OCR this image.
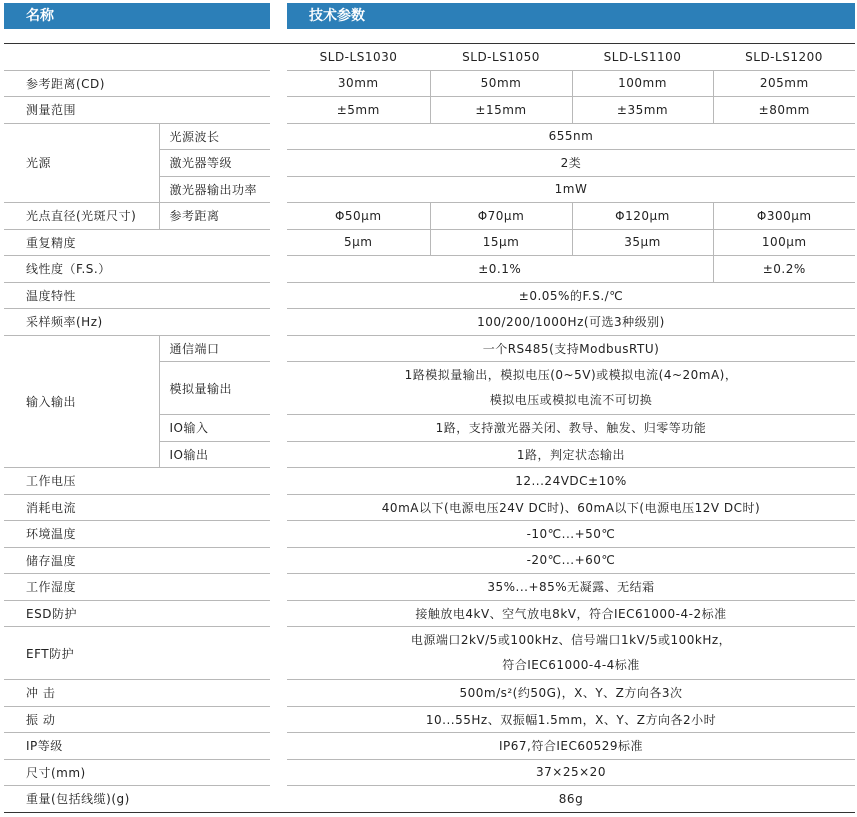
名称	技术参数
			SLD-LS1030	SLD-LS1050	SLD-LS1100	SLD-LS1200
参考距离(CD)			30mm	50mm	100mm	205mm
测量范围			±5mm	±15mm	±35mm	±80mm
光源	光源波长		655nm			
	激光器等级		2类			
	激光器输出功率		1mW			
光点直径(光斑尺寸)	参考距离		Φ50μm	Φ70μm	Φ120μm	Φ300μm
重复精度			5μm	15μm	35μm	100μm
线性度（F.S.）			±0.1%			±0.2%
温度特性			±0.05%的F.S./℃			
采样频率(Hz)			100/200/1000Hz(可选3种级别)			
输入输出	通信端口		一个RS485(支持ModbusRTU)			
	模拟量输出		1路模拟量输出，模拟电压(0~5V)或模拟电流(4~20mA)，
模拟电压或模拟电流不可切换			

	IO输入		1路，支持激光器关闭、教导、触发、归零等功能			
	IO输出		1路，判定状态输出			
工作电压			12...24VDC±10%			
消耗电流			40mA以下(电源电压24V DC时)、60mA以下(电源电压12V DC时)			
环境温度			-10℃...+50℃			
储存温度			-20℃...+60℃			
工作湿度			35%...+85%无凝露、无结霜			
ESD防护			接触放电4kV、空气放电8kV，符合IEC61000-4-2标准			
EFT防护			电源端口2kV/5或100kHz、信号端口1kV/5或100kHz，
符合IEC61000-4-4标准			

冲 击			500m/s²(约50G)，X、Y、Z方向各3次			
振 动			10...55Hz、双振幅1.5mm，X、Y、Z方向各2小时			
IP等级			IP67,符合IEC60529标准			
尺寸(mm)			37×25×20			
重量(包括线缆)(g)			86g			
